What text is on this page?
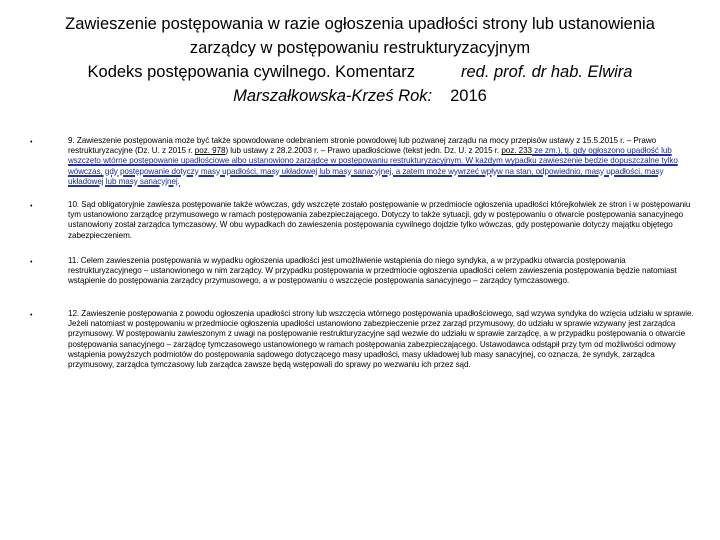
Zawieszenie postępowania w razie ogłoszenia upadłości strony lub ustanowienia
zarządcy w postępowaniu restrukturyzacyjnym
Kodeks postępowania cywilnego. Komentarz	red. prof. dr hab. Elwira
Marszałkowska-Krześ Rok: 2016
•	9. Zawieszenie postępowania może być także spowodowane odebraniem stronie powodowej lub pozwanej zarządu na mocy przepisów ustawy z 15.5.2015 r. – Prawo restrukturyzacyjne (Dz. U. z 2015 r. poz. 978) lub ustawy z 28.2.2003 r. – Prawo upadłościowe (tekst jedn. Dz. U. z 2015 r. poz. 233 ze zm.), tj. gdy ogłoszono upadłość lub wszczęto wtórne postępowanie upadłościowe albo ustanowiono zarządcę w postępowaniu restrukturyzacyjnym. W każdym wypadku zawieszenie będzie dopuszczalne tylko wówczas, gdy postępowanie dotyczy masy upadłości, masy układowej lub masy sanacyjnej, a zatem może wywrzeć wpływ na stan, odpowiednio, masy upadłości, masy układowej lub masy sanacyjnej.
•	10. Sąd obligatoryjnie zawiesza postępowanie także wówczas, gdy wszczęte zostało postępowanie w przedmiocie ogłoszenia upadłości którejkolwiek ze stron i w postępowaniu tym ustanowiono zarządcę przymusowego w ramach postępowania zabezpieczającego. Dotyczy to także sytuacji, gdy w postępowaniu o otwarcie postępowania sanacyjnego ustanowiony został zarządca tymczasowy. W obu wypadkach do zawieszenia postępowania cywilnego dojdzie tylko wówczas, gdy postępowanie dotyczy majątku objętego zabezpieczeniem.
•	11. Celem zawieszenia postępowania w wypadku ogłoszenia upadłości jest umożliwienie wstąpienia do niego syndyka, a w przypadku otwarcia postępowania restrukturyzacyjnego – ustanowionego w nim zarządcy. W przypadku postępowania w przedmiocie ogłoszenia upadłości celem zawieszenia postępowania będzie natomiast wstąpienie do postępowania zarządcy przymusowego, a w postępowaniu o wszczęcie postępowania sanacyjnego – zarządcy tymczasowego.
•	12. Zawieszenie postępowania z powodu ogłoszenia upadłości strony lub wszczęcia wtórnego postępowania upadłościowego, sąd wzywa syndyka do wzięcia udziału w sprawie. Jeżeli natomiast w postępowaniu w przedmiocie ogłoszenia upadłości ustanowiono zabezpieczenie przez zarząd przymusowy, do udziału w sprawie wzywany jest zarządca przymusowy. W postępowaniu zawieszonym z uwagi na postępowanie restrukturyzacyjne sąd wezwie do udziału w sprawie zarządcę, a w przypadku postępowania o otwarcie postępowania sanacyjnego – zarządcę tymczasowego ustanowionego w ramach postępowania zabezpieczającego. Ustawodawca odstąpił przy tym od możliwości odmowy wstąpienia powyższych podmiotów do postępowania sądowego dotyczącego masy upadłości, masy układowej lub masy sanacyjnej, co oznacza, że syndyk, zarządca przymusowy, zarządca tymczasowy lub zarządca zawsze będą wstępowali do sprawy po wezwaniu ich przez sąd.
